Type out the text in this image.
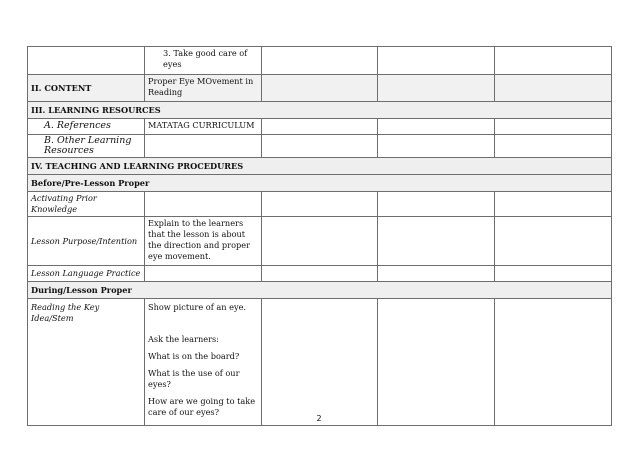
	3. Take good care of eyes			
II. CONTENT	Proper Eye MOvement in Reading			
III. LEARNING RESOURCES				
A. References	MATATAG CURRICULUM			
B. Other Learning Resources				
IV. TEACHING AND LEARNING PROCEDURES				
Before/Pre-Lesson Proper				
Activating Prior Knowledge				
Lesson Purpose/Intention	Explain to the learners that the lesson is about the direction and proper eye movement.			
Lesson Language Practice				
During/Lesson Proper				
Reading the Key Idea/Stem	Show picture of an eye.
Ask the learners:
What is on the board?
What is the use of our eyes?
How are we going to take care of our eyes?			

2
